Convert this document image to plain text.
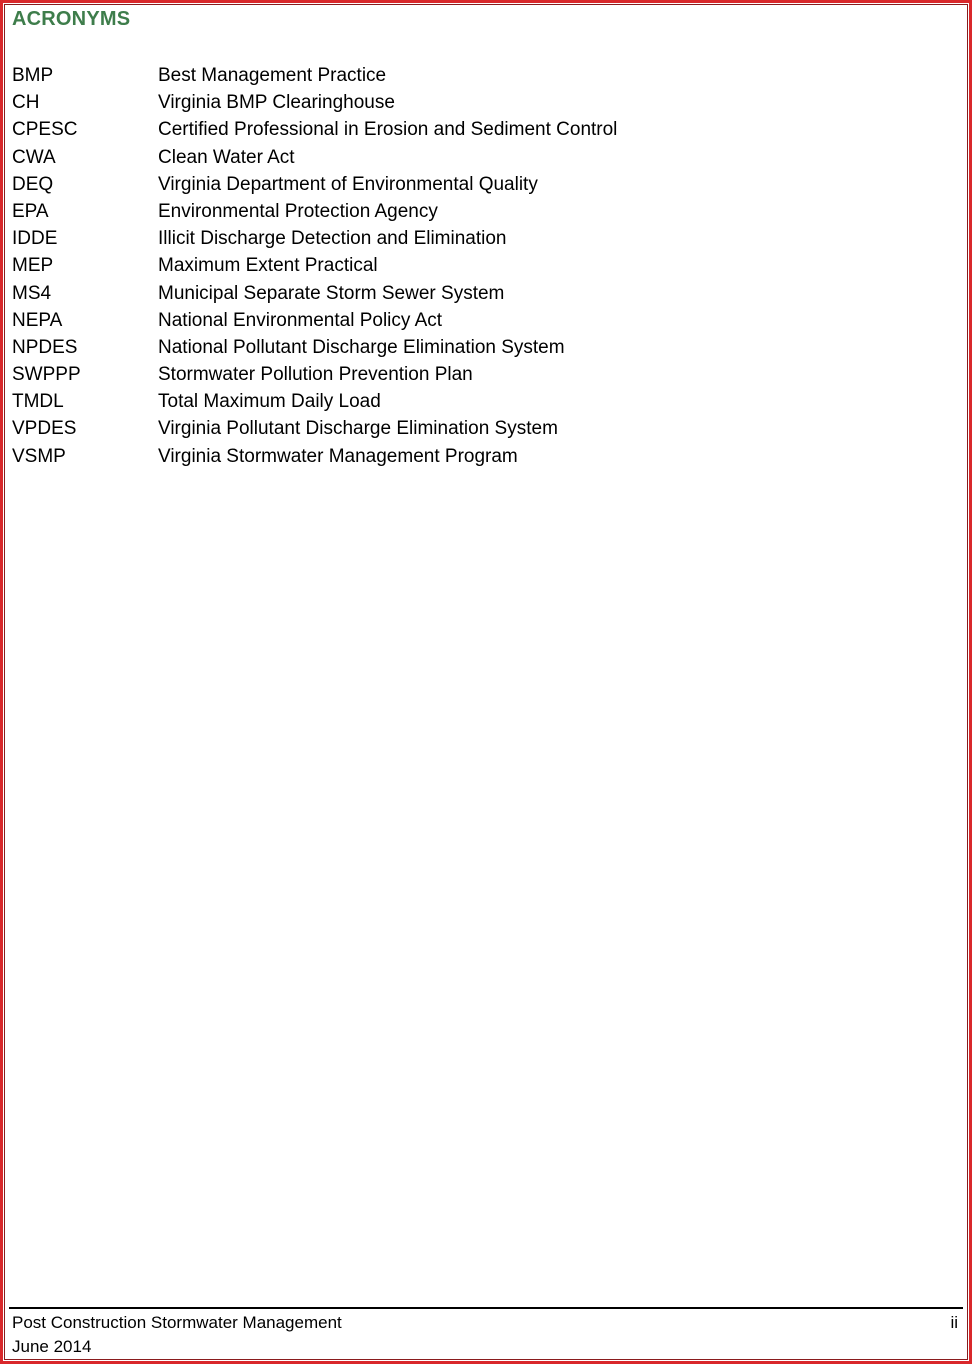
ACRONYMS
BMP	Best Management Practice
CH	Virginia BMP Clearinghouse
CPESC	Certified Professional in Erosion and Sediment Control
CWA	Clean Water Act
DEQ	Virginia Department of Environmental Quality
EPA	Environmental Protection Agency
IDDE	Illicit Discharge Detection and Elimination
MEP	Maximum Extent Practical
MS4	Municipal Separate Storm Sewer System
NEPA	National Environmental Policy Act
NPDES	National Pollutant Discharge Elimination System
SWPPP	Stormwater Pollution Prevention Plan
TMDL	Total Maximum Daily Load
VPDES	Virginia Pollutant Discharge Elimination System
VSMP	Virginia Stormwater Management Program
Post Construction Stormwater Management
June 2014
ii
